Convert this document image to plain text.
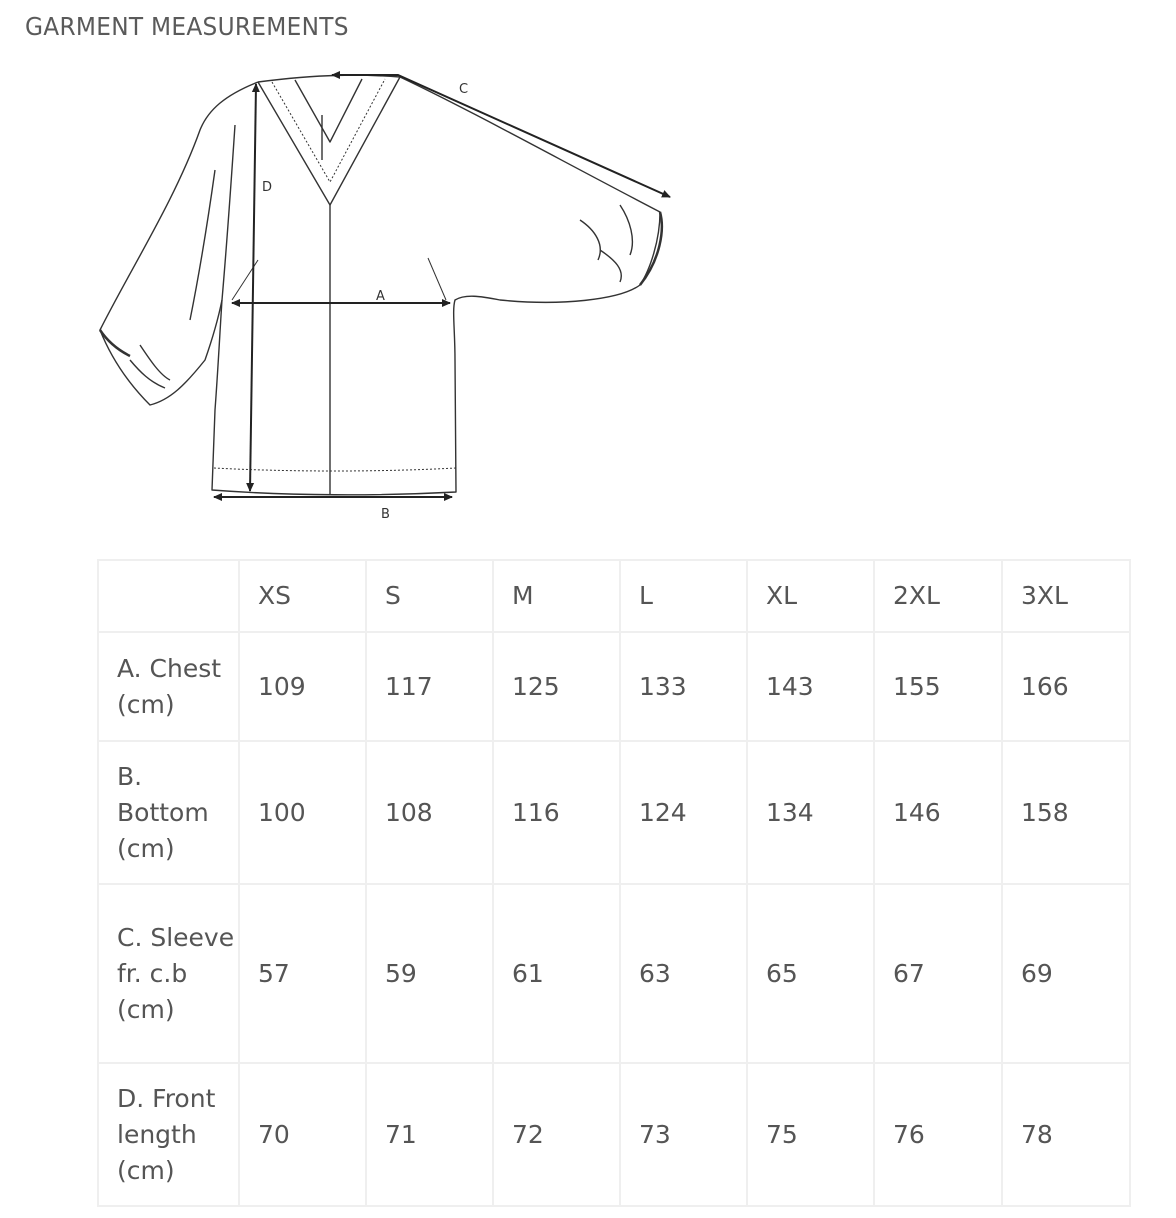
GARMENT MEASUREMENTS
A
B
C
D
	XS	S	M	L	XL	2XL	3XL
A. Chest (cm)	109	117	125	133	143	155	166
B. Bottom (cm)	100	108	116	124	134	146	158
C. Sleeve fr. c.b (cm)	57	59	61	63	65	67	69
D. Front length (cm)	70	71	72	73	75	76	78
